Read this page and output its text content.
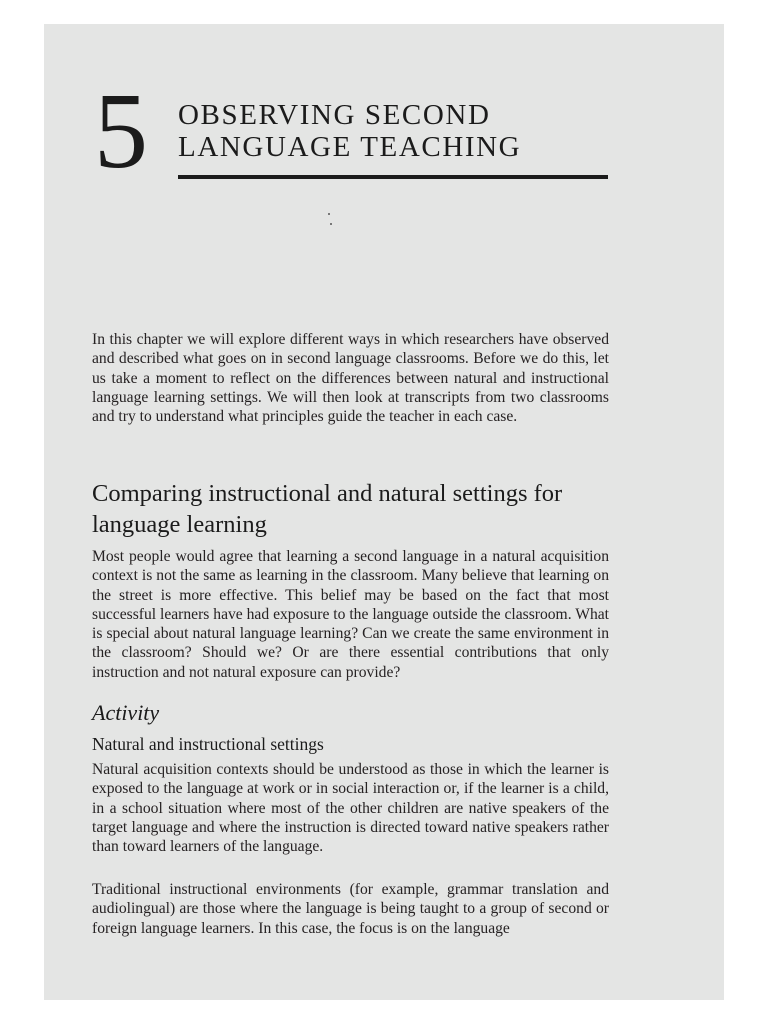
5 OBSERVING SECOND
LANGUAGE TEACHING

In this chapter we will explore different ways in which researchers have observed and described what goes on in second language classrooms. Before we do this, let us take a moment to reflect on the differences between natural and instructional language learning settings. We will then look at transcripts from two classrooms and try to understand what principles guide the teacher in each case.

Comparing instructional and natural settings for language learning

Most people would agree that learning a second language in a natural acquisition context is not the same as learning in the classroom. Many believe that learning on the street is more effective. This belief may be based on the fact that most successful learners have had exposure to the language outside the classroom. What is special about natural language learning? Can we create the same environment in the classroom? Should we? Or are there essential contributions that only instruction and not natural exposure can provide?

Activity
Natural and instructional settings

Natural acquisition contexts should be understood as those in which the learner is exposed to the language at work or in social interaction or, if the learner is a child, in a school situation where most of the other children are native speakers of the target language and where the instruction is directed toward native speakers rather than toward learners of the language.

Traditional instructional environments (for example, grammar translation and audiolingual) are those where the language is being taught to a group of second or foreign language learners. In this case, the focus is on the language
